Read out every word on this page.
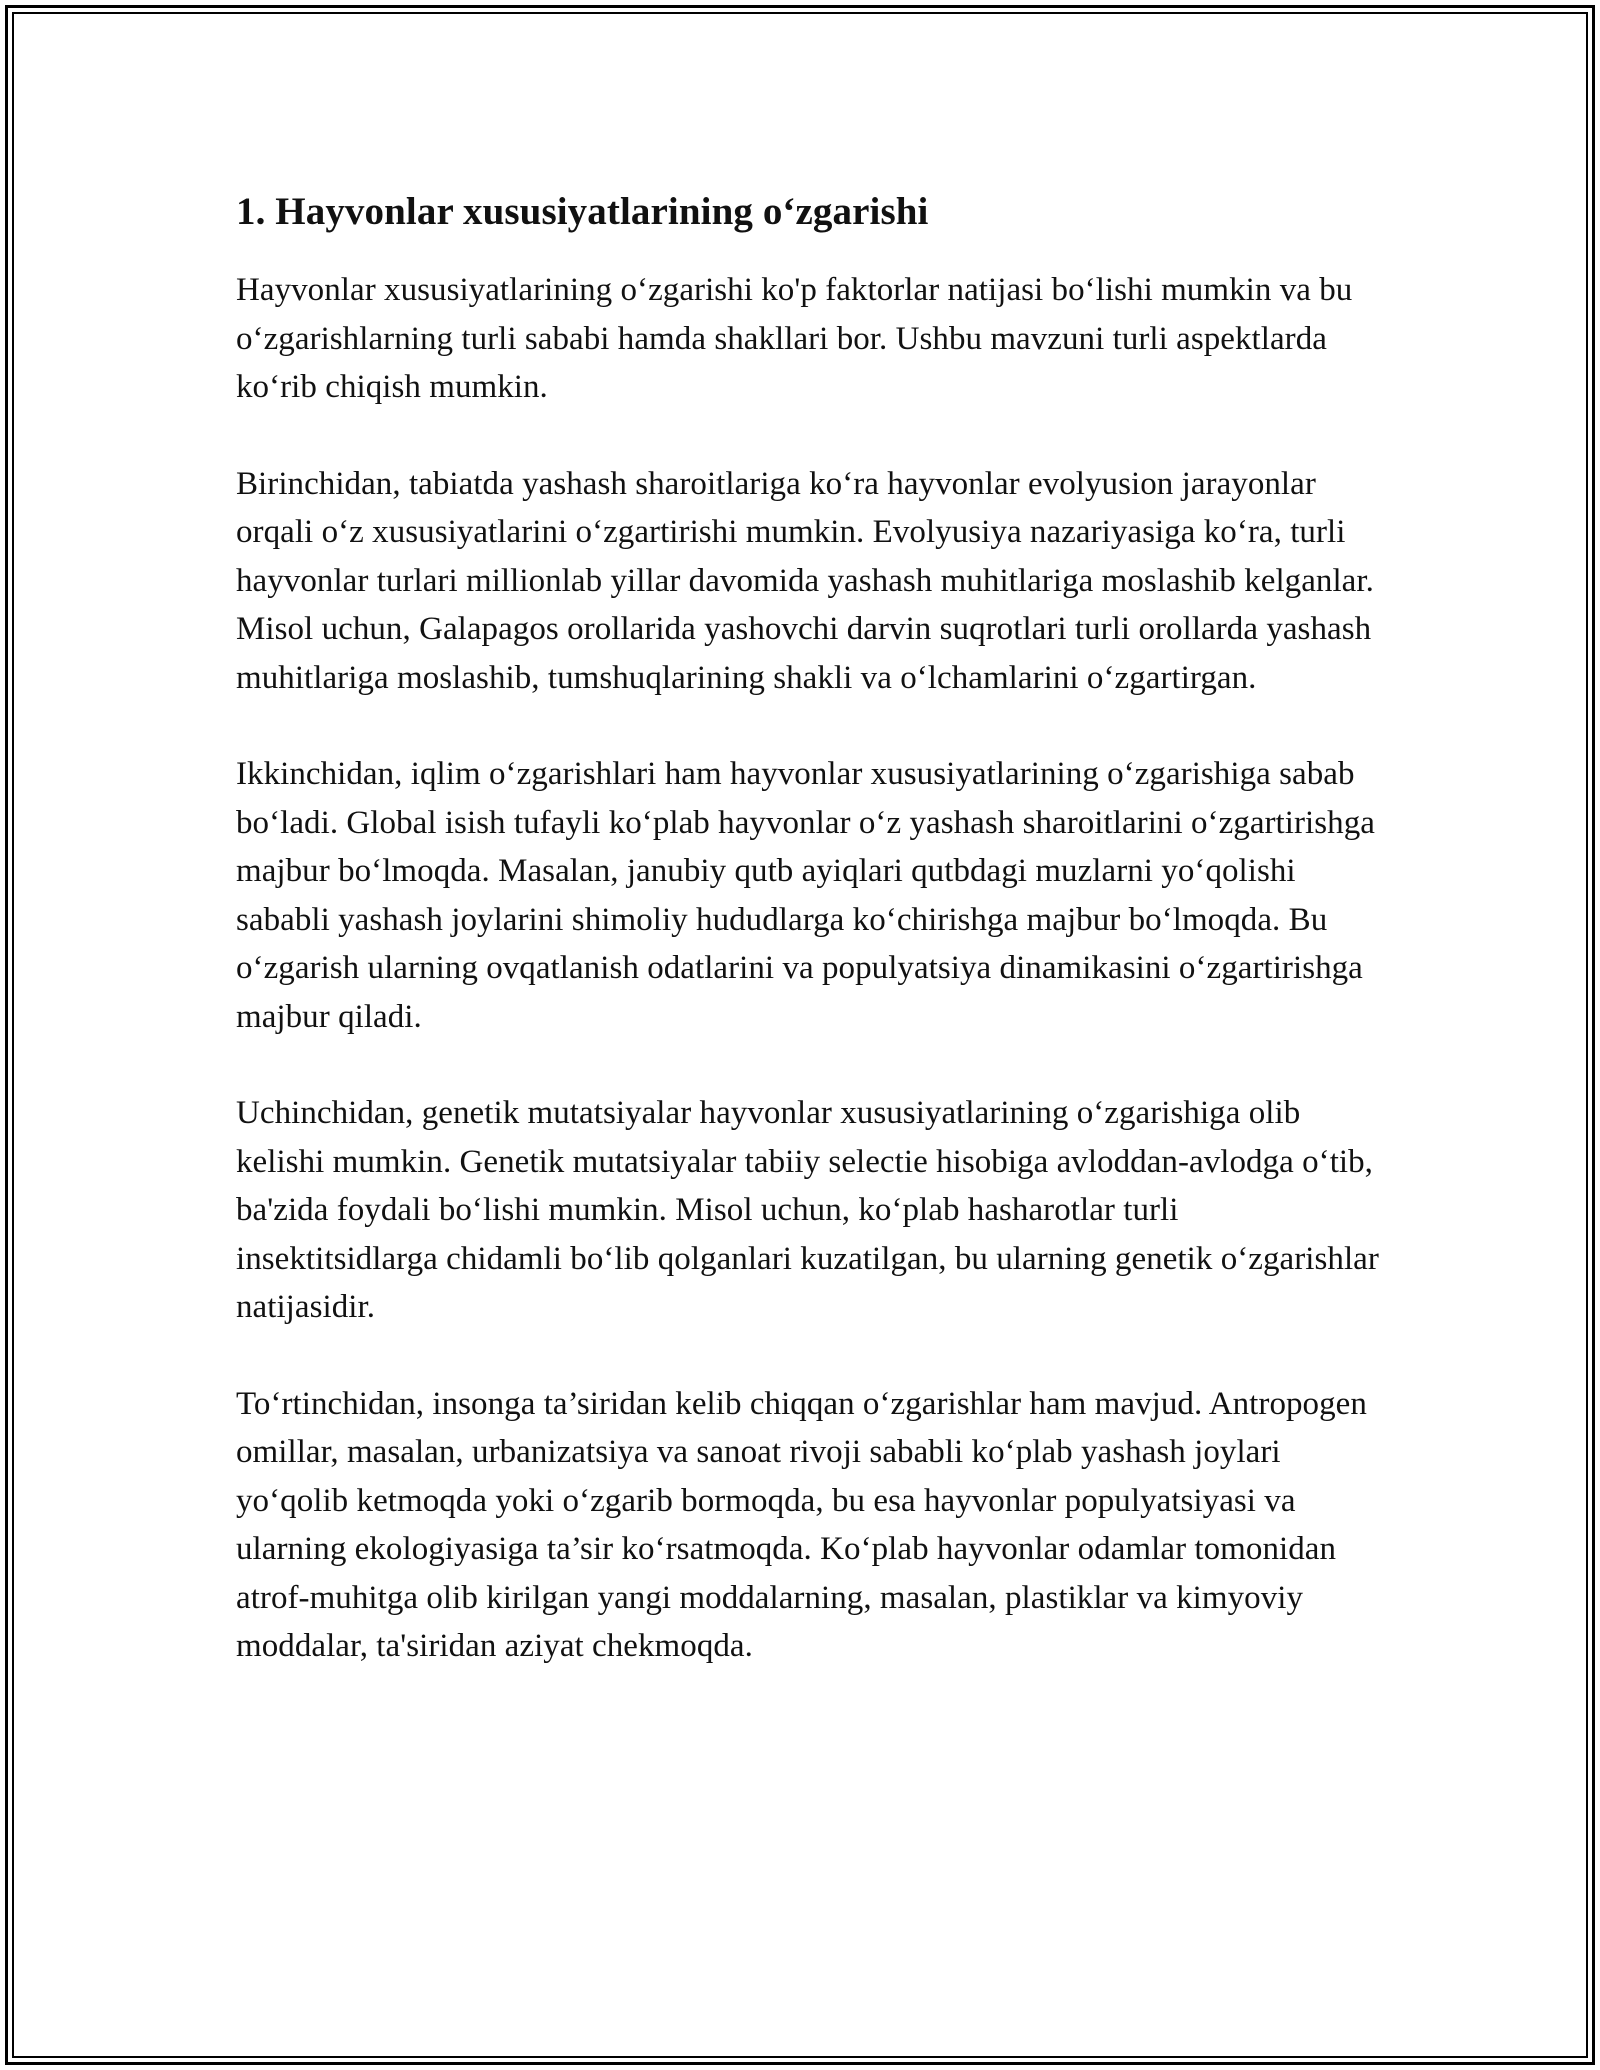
1. Hayvonlar xususiyatlarining o‘zgarishi

Hayvonlar xususiyatlarining o‘zgarishi ko'p faktorlar natijasi bo‘lishi mumkin va bu o‘zgarishlarning turli sababi hamda shakllari bor. Ushbu mavzuni turli aspektlarda ko‘rib chiqish mumkin.

Birinchidan, tabiatda yashash sharoitlariga ko‘ra hayvonlar evolyusion jarayonlar orqali o‘z xususiyatlarini o‘zgartirishi mumkin. Evolyusiya nazariyasiga ko‘ra, turli hayvonlar turlari millionlab yillar davomida yashash muhitlariga moslashib kelganlar. Misol uchun, Galapagos orollarida yashovchi darvin suqrotlari turli orollarda yashash muhitlariga moslashib, tumshuqlarining shakli va o‘lchamlarini o‘zgartirgan.

Ikkinchidan, iqlim o‘zgarishlari ham hayvonlar xususiyatlarining o‘zgarishiga sabab bo‘ladi. Global isish tufayli ko‘plab hayvonlar o‘z yashash sharoitlarini o‘zgartirishga majbur bo‘lmoqda. Masalan, janubiy qutb ayiqlari qutbdagi muzlarni yo‘qolishi sababli yashash joylarini shimoliy hududlarga ko‘chirishga majbur bo‘lmoqda. Bu o‘zgarish ularning ovqatlanish odatlarini va populyatsiya dinamikasini o‘zgartirishga majbur qiladi.

Uchinchidan, genetik mutatsiyalar hayvonlar xususiyatlarining o‘zgarishiga olib kelishi mumkin. Genetik mutatsiyalar tabiiy selectie hisobiga avloddan-avlodga o‘tib, ba'zida foydali bo‘lishi mumkin. Misol uchun, ko‘plab hasharotlar turli insektitsidlarga chidamli bo‘lib qolganlari kuzatilgan, bu ularning genetik o‘zgarishlar natijasidir.

To‘rtinchidan, insonga ta’siridan kelib chiqqan o‘zgarishlar ham mavjud. Antropogen omillar, masalan, urbanizatsiya va sanoat rivoji sababli ko‘plab yashash joylari yo‘qolib ketmoqda yoki o‘zgarib bormoqda, bu esa hayvonlar populyatsiyasi va ularning ekologiyasiga ta’sir ko‘rsatmoqda. Ko‘plab hayvonlar odamlar tomonidan atrof-muhitga olib kirilgan yangi moddalarning, masalan, plastiklar va kimyoviy moddalar, ta'siridan aziyat chekmoqda.
